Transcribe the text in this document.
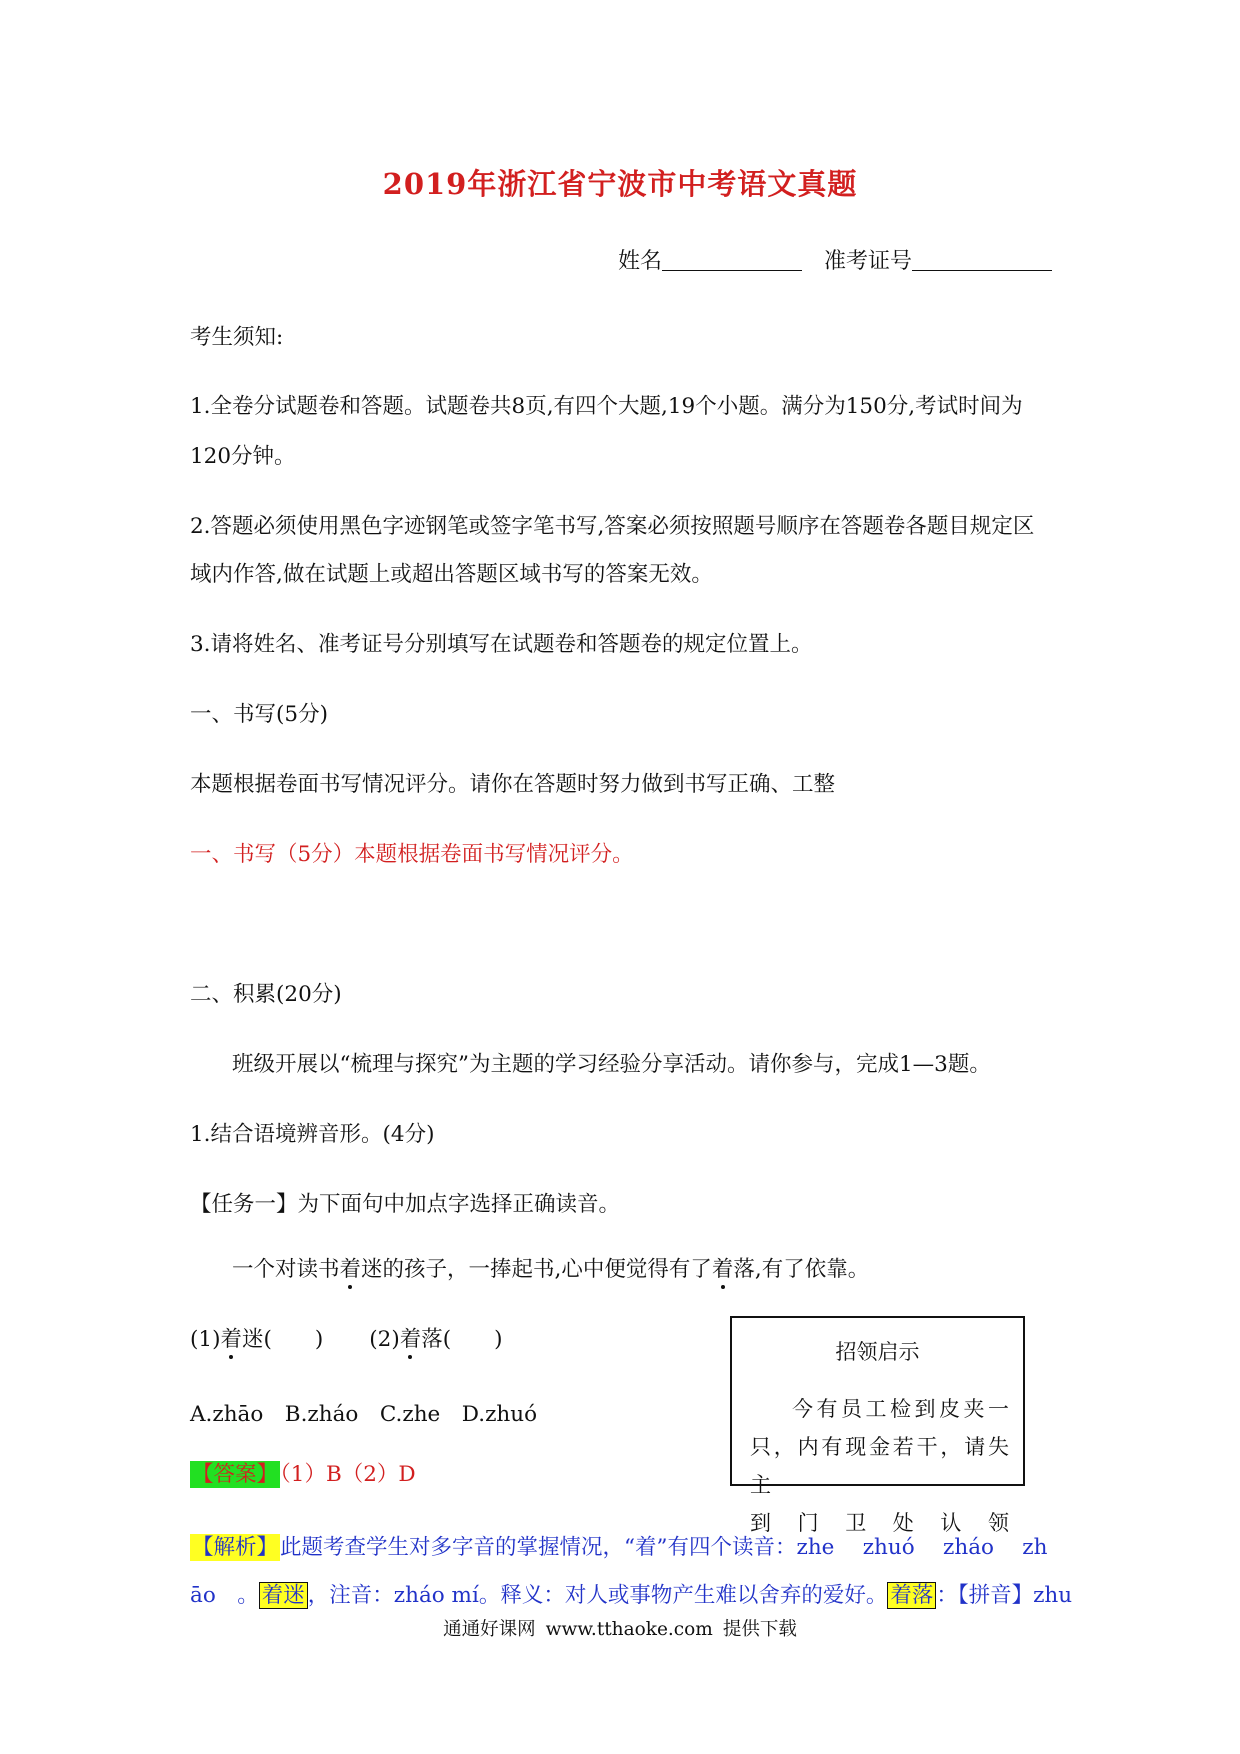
2019年浙江省宁波市中考语文真题
姓名	准考证号
考生须知:
1.全卷分试题卷和答题。试题卷共8页,有四个大题,19个小题。满分为150分,考试时间为
120分钟。
2.答题必须使用黑色字迹钢笔或签字笔书写,答案必须按照题号顺序在答题卷各题目规定区
域内作答,做在试题上或超出答题区域书写的答案无效。
3.请将姓名、准考证号分别填写在试题卷和答题卷的规定位置上。
一、书写(5分)
本题根据卷面书写情况评分。请你在答题时努力做到书写正确、工整
一、书写（5分）本题根据卷面书写情况评分。
二、积累(20分)
班级开展以“梳理与探究”为主题的学习经验分享活动。请你参与，完成1—3题。
1.结合语境辨音形。(4分)
【任务一】为下面句中加点字选择正确读音。
一个对读书着迷的孩子，一捧起书,心中便觉得有了着落,有了依靠。
(1)着迷(　　) (2)着落(　　)
A.zhāo　B.zháo　C.zhe　D.zhuó
【答案】（1）B（2）D
招领启示
今有员工检到皮夹一
只，内有现金若干，请失主
到门卫处认领
【解析】此题考查学生对多字音的掌握情况，“着”有四个读音：zhe　 zhuó　 zháo　 zh
āo　。 着迷 ，注音：zháo mí。释义：对人或事物产生难以舍弃的爱好。 着落 ：【拼音】zhu
通通好课网 www.tthaoke.com 提供下载
